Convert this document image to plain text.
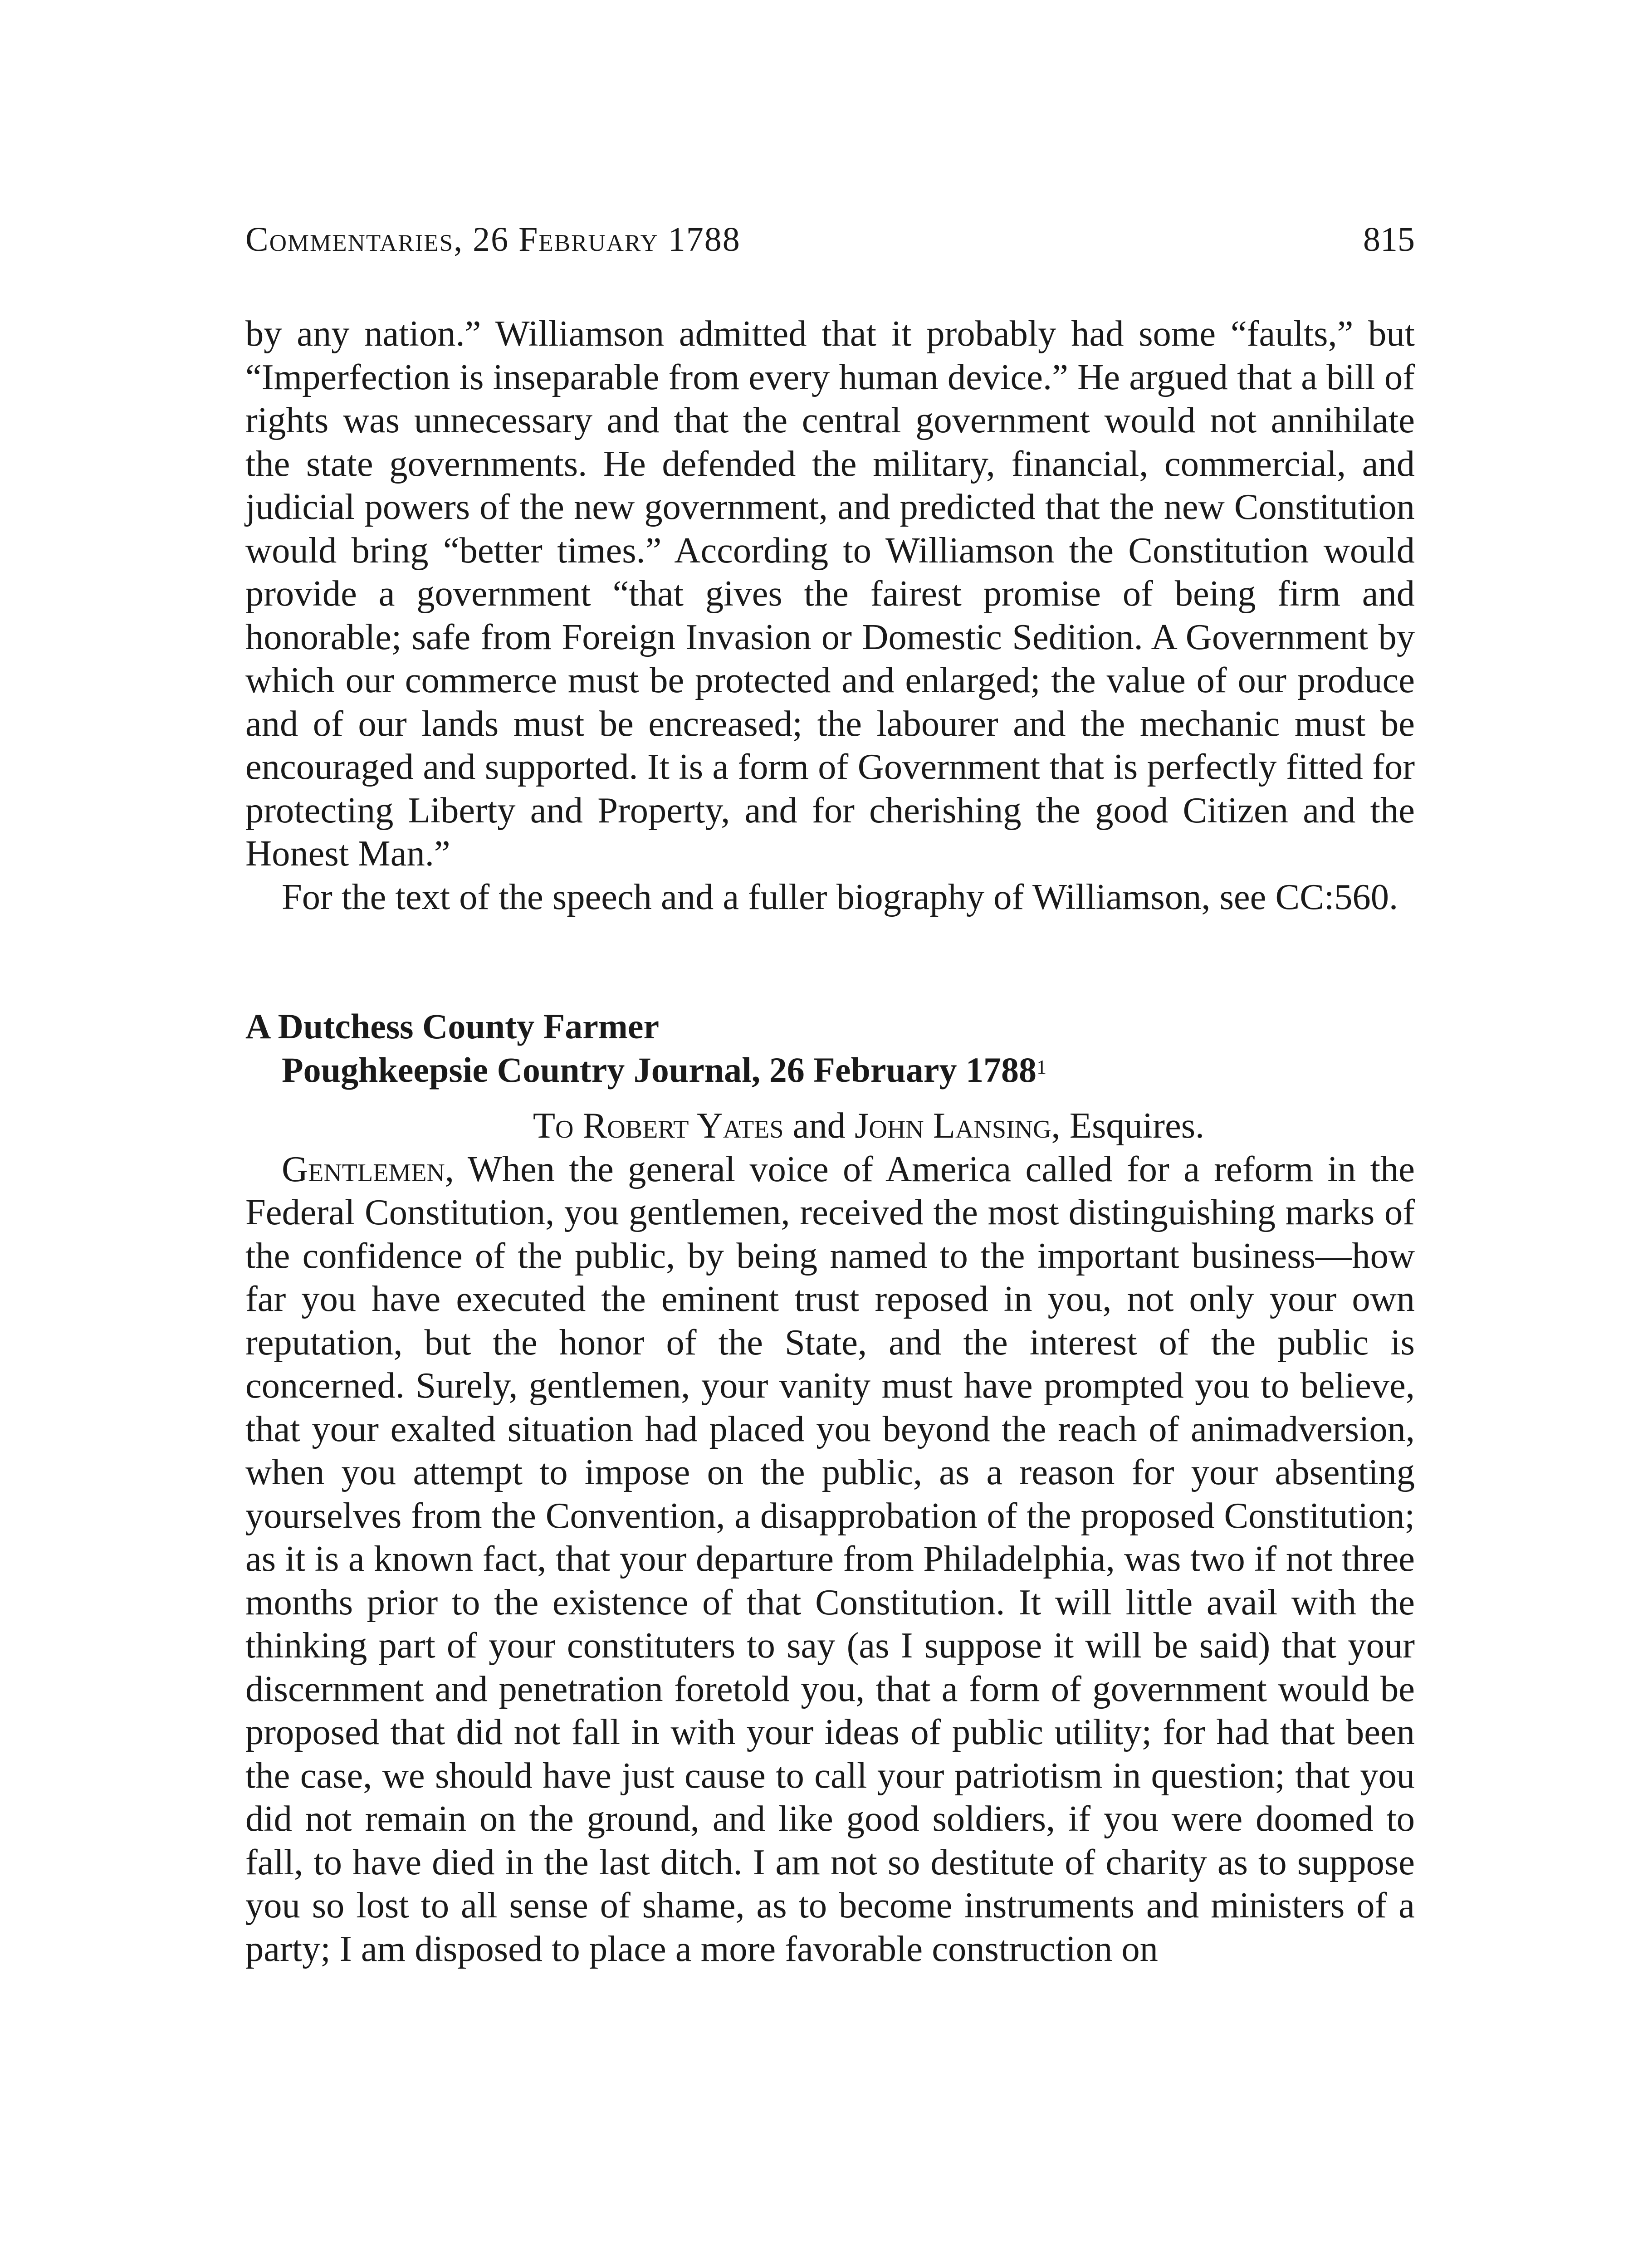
Commentaries, 26 February 1788	815

by any nation.” Williamson admitted that it probably had some “faults,” but “Imperfection is inseparable from every human device.” He argued that a bill of rights was unnecessary and that the central government would not annihilate the state governments. He defended the military, financial, commercial, and judicial powers of the new government, and predicted that the new Constitution would bring “better times.” According to Williamson the Constitution would provide a government “that gives the fairest promise of being firm and honorable; safe from Foreign Invasion or Domestic Sedition. A Government by which our commerce must be protected and enlarged; the value of our produce and of our lands must be encreased; the labourer and the mechanic must be encouraged and supported. It is a form of Government that is perfectly fitted for protecting Liberty and Property, and for cherishing the good Citizen and the Honest Man.”

For the text of the speech and a fuller biography of Williamson, see CC:560.

A Dutchess County Farmer
Poughkeepsie Country Journal, 26 February 1788$^1$
To Robert Yates and John Lansing, Esquires.

Gentlemen, When the general voice of America called for a reform in the Federal Constitution, you gentlemen, received the most distinguishing marks of the confidence of the public, by being named to the important business—how far you have executed the eminent trust reposed in you, not only your own reputation, but the honor of the State, and the interest of the public is concerned. Surely, gentlemen, your vanity must have prompted you to believe, that your exalted situation had placed you beyond the reach of animadversion, when you attempt to impose on the public, as a reason for your absenting yourselves from the Convention, a disapprobation of the proposed Constitution; as it is a known fact, that your departure from Philadelphia, was two if not three months prior to the existence of that Constitution. It will little avail with the thinking part of your constituters to say (as I suppose it will be said) that your discernment and penetration foretold you, that a form of government would be proposed that did not fall in with your ideas of public utility; for had that been the case, we should have just cause to call your patriotism in question; that you did not remain on the ground, and like good soldiers, if you were doomed to fall, to have died in the last ditch. I am not so destitute of charity as to suppose you so lost to all sense of shame, as to become instruments and ministers of a party; I am disposed to place a more favorable construction on
